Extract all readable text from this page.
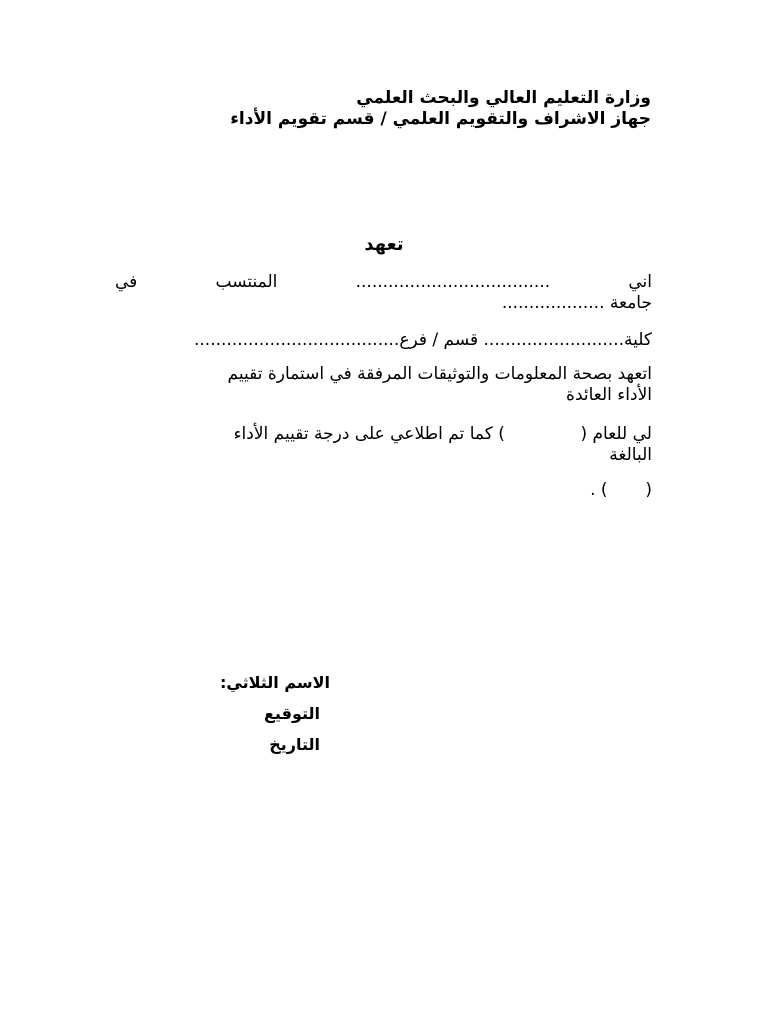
وزارة التعليم العالي والبحث العلمي
جهاز الاشراف والتقويم العلمي / قسم تقويم الأداء
تعهد
اني
....................................
المنتسب
في
جامعة ...................
كلية.......................... قسم / فرع......................................
اتعهد بصحة المعلومات والتوثيقات المرفقة في استمارة تقييم
الأداء العائدة
لي للعام (              ) كما تم اطلاعي على درجة تقييم الأداء
البالغة
(       ) .
الاسم الثلاثي:
التوقيع
التاريخ
